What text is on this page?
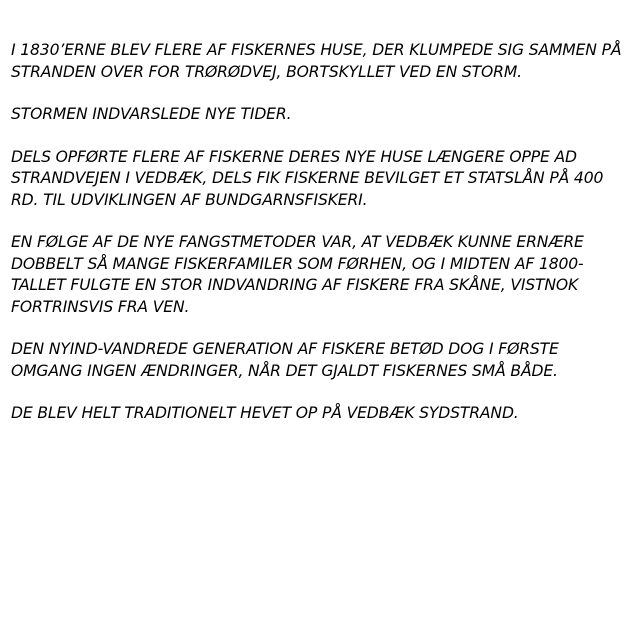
I 1830’ERNE BLEV FLERE AF FISKERNES HUSE, DER KLUMPEDE SIG SAMMEN PÅ STRANDEN OVER FOR TRØRØDVEJ, BORTSKYLLET VED EN STORM.

STORMEN INDVARSLEDE NYE TIDER.

DELS OPFØRTE FLERE AF FISKERNE DERES NYE HUSE LÆNGERE OPPE AD STRANDVEJEN I VEDBÆK, DELS FIK FISKERNE BEVILGET ET STATSLÅN PÅ 400 RD. TIL UDVIKLINGEN AF BUNDGARNSFISKERI.

EN FØLGE AF DE NYE FANGSTMETODER VAR, AT VEDBÆK KUNNE ERNÆRE DOBBELT SÅ MANGE FISKERFAMILER SOM FØRHEN, OG I MIDTEN AF 1800-TALLET FULGTE EN STOR INDVANDRING AF FISKERE FRA SKÅNE, VISTNOK FORTRINSVIS FRA VEN.

DEN NYIND-VANDREDE GENERATION AF FISKERE BETØD DOG I FØRSTE OMGANG INGEN ÆNDRINGER, NÅR DET GJALDT FISKERNES SMÅ BÅDE.

DE BLEV HELT TRADITIONELT HEVET OP PÅ VEDBÆK SYDSTRAND.
